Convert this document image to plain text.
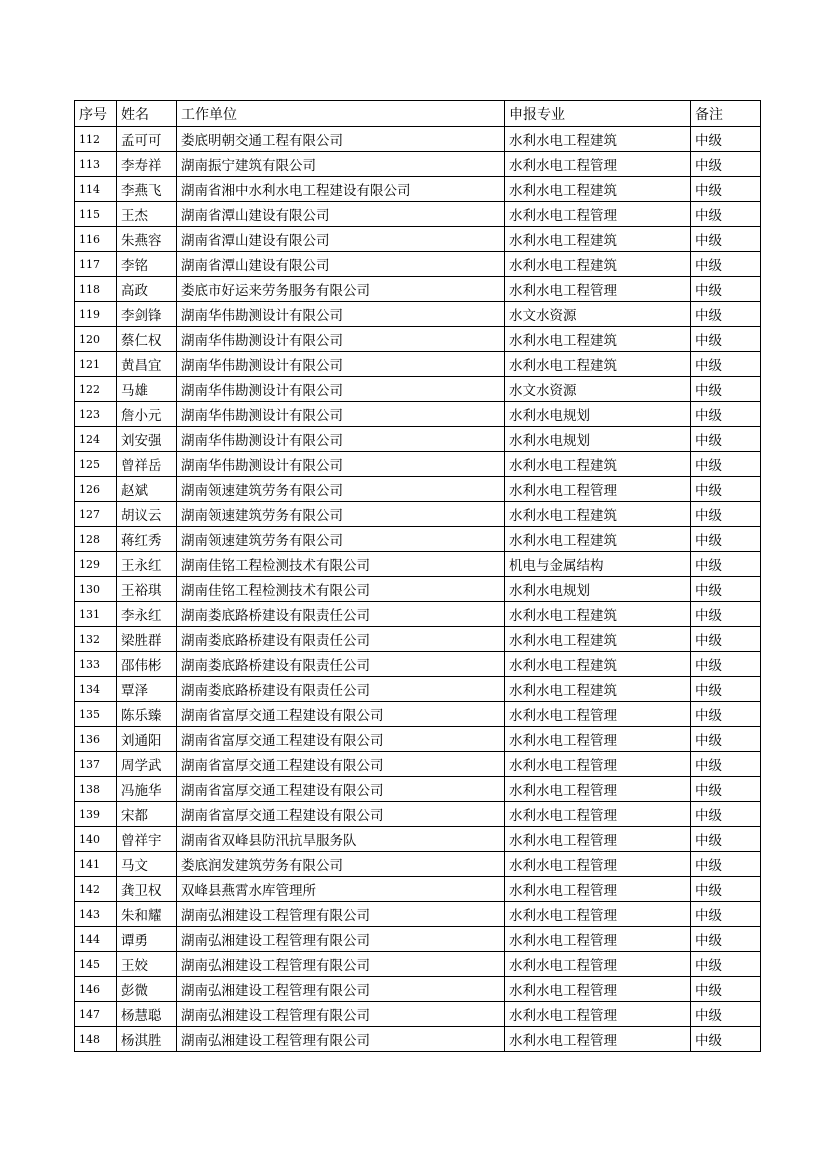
序号	姓名	工作单位	申报专业	备注
112	孟可可	娄底明朝交通工程有限公司	水利水电工程建筑	中级
113	李寿祥	湖南振宁建筑有限公司	水利水电工程管理	中级
114	李燕飞	湖南省湘中水利水电工程建设有限公司	水利水电工程建筑	中级
115	王杰	湖南省潭山建设有限公司	水利水电工程管理	中级
116	朱燕容	湖南省潭山建设有限公司	水利水电工程建筑	中级
117	李铭	湖南省潭山建设有限公司	水利水电工程建筑	中级
118	高政	娄底市好运来劳务服务有限公司	水利水电工程管理	中级
119	李剑锋	湖南华伟勘测设计有限公司	水文水资源	中级
120	蔡仁权	湖南华伟勘测设计有限公司	水利水电工程建筑	中级
121	黄昌宜	湖南华伟勘测设计有限公司	水利水电工程建筑	中级
122	马雄	湖南华伟勘测设计有限公司	水文水资源	中级
123	詹小元	湖南华伟勘测设计有限公司	水利水电规划	中级
124	刘安强	湖南华伟勘测设计有限公司	水利水电规划	中级
125	曾祥岳	湖南华伟勘测设计有限公司	水利水电工程建筑	中级
126	赵斌	湖南领速建筑劳务有限公司	水利水电工程管理	中级
127	胡议云	湖南领速建筑劳务有限公司	水利水电工程建筑	中级
128	蒋红秀	湖南领速建筑劳务有限公司	水利水电工程建筑	中级
129	王永红	湖南佳铭工程检测技术有限公司	机电与金属结构	中级
130	王裕琪	湖南佳铭工程检测技术有限公司	水利水电规划	中级
131	李永红	湖南娄底路桥建设有限责任公司	水利水电工程建筑	中级
132	梁胜群	湖南娄底路桥建设有限责任公司	水利水电工程建筑	中级
133	邵伟彬	湖南娄底路桥建设有限责任公司	水利水电工程建筑	中级
134	覃泽	湖南娄底路桥建设有限责任公司	水利水电工程建筑	中级
135	陈乐臻	湖南省富厚交通工程建设有限公司	水利水电工程管理	中级
136	刘通阳	湖南省富厚交通工程建设有限公司	水利水电工程管理	中级
137	周学武	湖南省富厚交通工程建设有限公司	水利水电工程管理	中级
138	冯施华	湖南省富厚交通工程建设有限公司	水利水电工程管理	中级
139	宋都	湖南省富厚交通工程建设有限公司	水利水电工程管理	中级
140	曾祥宇	湖南省双峰县防汛抗旱服务队	水利水电工程管理	中级
141	马文	娄底润发建筑劳务有限公司	水利水电工程管理	中级
142	龚卫权	双峰县燕霄水库管理所	水利水电工程管理	中级
143	朱和耀	湖南弘湘建设工程管理有限公司	水利水电工程管理	中级
144	谭勇	湖南弘湘建设工程管理有限公司	水利水电工程管理	中级
145	王姣	湖南弘湘建设工程管理有限公司	水利水电工程管理	中级
146	彭微	湖南弘湘建设工程管理有限公司	水利水电工程管理	中级
147	杨慧聪	湖南弘湘建设工程管理有限公司	水利水电工程管理	中级
148	杨淇胜	湖南弘湘建设工程管理有限公司	水利水电工程管理	中级
